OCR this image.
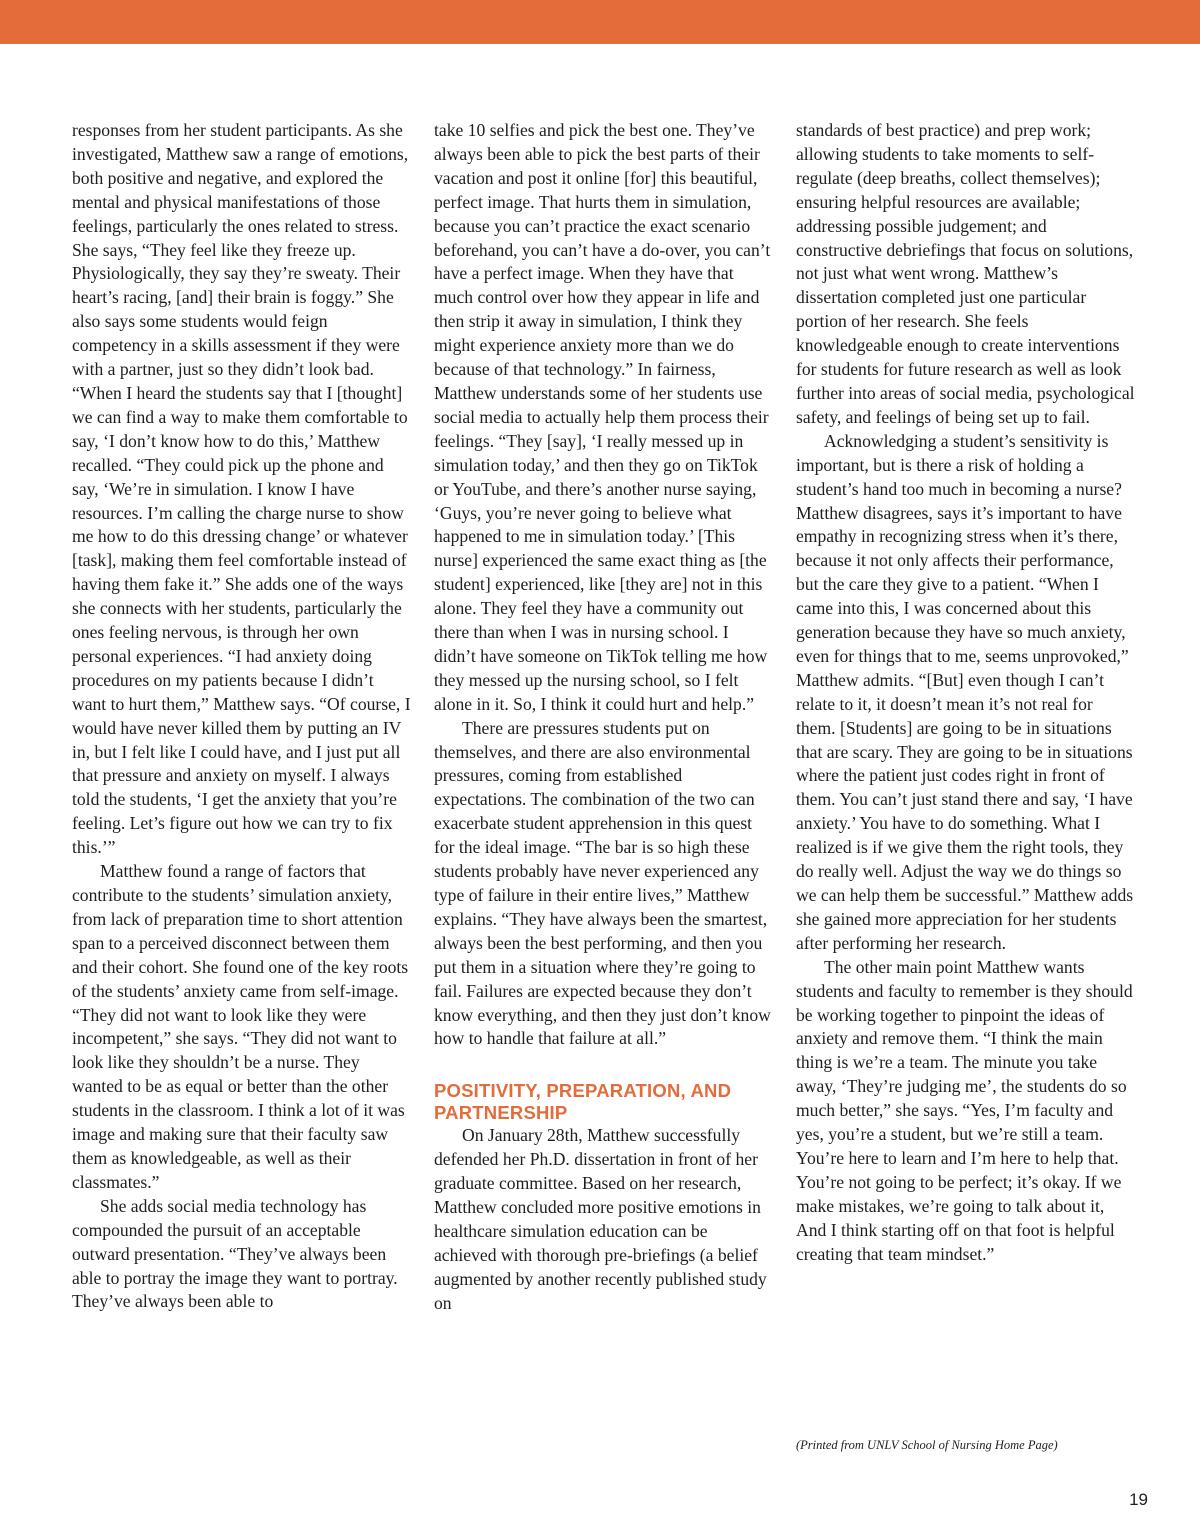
responses from her student participants. As she investigated, Matthew saw a range of emotions, both positive and negative, and explored the mental and physical manifestations of those feelings, particularly the ones related to stress. She says, “They feel like they freeze up. Physiologically, they say they’re sweaty. Their heart’s racing, [and] their brain is foggy.” She also says some students would feign competency in a skills assessment if they were with a partner, just so they didn’t look bad. “When I heard the students say that I [thought] we can find a way to make them comfortable to say, ‘I don’t know how to do this,’ Matthew recalled. “They could pick up the phone and say, ‘We’re in simulation. I know I have resources. I’m calling the charge nurse to show me how to do this dressing change’ or whatever [task], making them feel comfortable instead of having them fake it.” She adds one of the ways she connects with her students, particularly the ones feeling nervous, is through her own personal experiences. “I had anxiety doing procedures on my patients because I didn’t want to hurt them,” Matthew says. “Of course, I would have never killed them by putting an IV in, but I felt like I could have, and I just put all that pressure and anxiety on myself. I always told the students, ‘I get the anxiety that you’re feeling. Let’s figure out how we can try to fix this.’”

Matthew found a range of factors that contribute to the students’ simulation anxiety, from lack of preparation time to short attention span to a perceived disconnect between them and their cohort. She found one of the key roots of the students’ anxiety came from self-image. “They did not want to look like they were incompetent,” she says. “They did not want to look like they shouldn’t be a nurse. They wanted to be as equal or better than the other students in the classroom. I think a lot of it was image and making sure that their faculty saw them as knowledgeable, as well as their classmates.”

She adds social media technology has compounded the pursuit of an acceptable outward presentation. “They’ve always been able to portray the image they want to portray. They’ve always been able to

take 10 selfies and pick the best one. They’ve always been able to pick the best parts of their vacation and post it online [for] this beautiful, perfect image. That hurts them in simulation, because you can’t practice the exact scenario beforehand, you can’t have a do-over, you can’t have a perfect image. When they have that much control over how they appear in life and then strip it away in simulation, I think they might experience anxiety more than we do because of that technology.” In fairness, Matthew understands some of her students use social media to actually help them process their feelings. “They [say], ‘I really messed up in simulation today,’ and then they go on TikTok or YouTube, and there’s another nurse saying, ‘Guys, you’re never going to believe what happened to me in simulation today.’ [This nurse] experienced the same exact thing as [the student] experienced, like [they are] not in this alone. They feel they have a community out there than when I was in nursing school. I didn’t have someone on TikTok telling me how they messed up the nursing school, so I felt alone in it. So, I think it could hurt and help.”

There are pressures students put on themselves, and there are also environmental pressures, coming from established expectations. The combination of the two can exacerbate student apprehension in this quest for the ideal image. “The bar is so high these students probably have never experienced any type of failure in their entire lives,” Matthew explains. “They have always been the smartest, always been the best performing, and then you put them in a situation where they’re going to fail. Failures are expected because they don’t know everything, and then they just don’t know how to handle that failure at all.”

POSITIVITY, PREPARATION, AND
PARTNERSHIP

On January 28th, Matthew successfully defended her Ph.D. dissertation in front of her graduate committee. Based on her research, Matthew concluded more positive emotions in healthcare simulation education can be achieved with thorough pre-briefings (a belief augmented by another recently published study on

standards of best practice) and prep work; allowing students to take moments to self-regulate (deep breaths, collect themselves); ensuring helpful resources are available; addressing possible judgement; and constructive debriefings that focus on solutions, not just what went wrong. Matthew’s dissertation completed just one particular portion of her research. She feels knowledgeable enough to create interventions for students for future research as well as look further into areas of social media, psychological safety, and feelings of being set up to fail.

Acknowledging a student’s sensitivity is important, but is there a risk of holding a student’s hand too much in becoming a nurse? Matthew disagrees, says it’s important to have empathy in recognizing stress when it’s there, because it not only affects their performance, but the care they give to a patient. “When I came into this, I was concerned about this generation because they have so much anxiety, even for things that to me, seems unprovoked,” Matthew admits. “[But] even though I can’t relate to it, it doesn’t mean it’s not real for them. [Students] are going to be in situations that are scary. They are going to be in situations where the patient just codes right in front of them. You can’t just stand there and say, ‘I have anxiety.’ You have to do something. What I realized is if we give them the right tools, they do really well. Adjust the way we do things so we can help them be successful.” Matthew adds she gained more appreciation for her students after performing her research.

The other main point Matthew wants students and faculty to remember is they should be working together to pinpoint the ideas of anxiety and remove them. “I think the main thing is we’re a team. The minute you take away, ‘They’re judging me’, the students do so much better,” she says. “Yes, I’m faculty and yes, you’re a student, but we’re still a team. You’re here to learn and I’m here to help that. You’re not going to be perfect; it’s okay. If we make mistakes, we’re going to talk about it, And I think starting off on that foot is helpful creating that team mindset.”

(Printed from UNLV School of Nursing Home Page)
19
